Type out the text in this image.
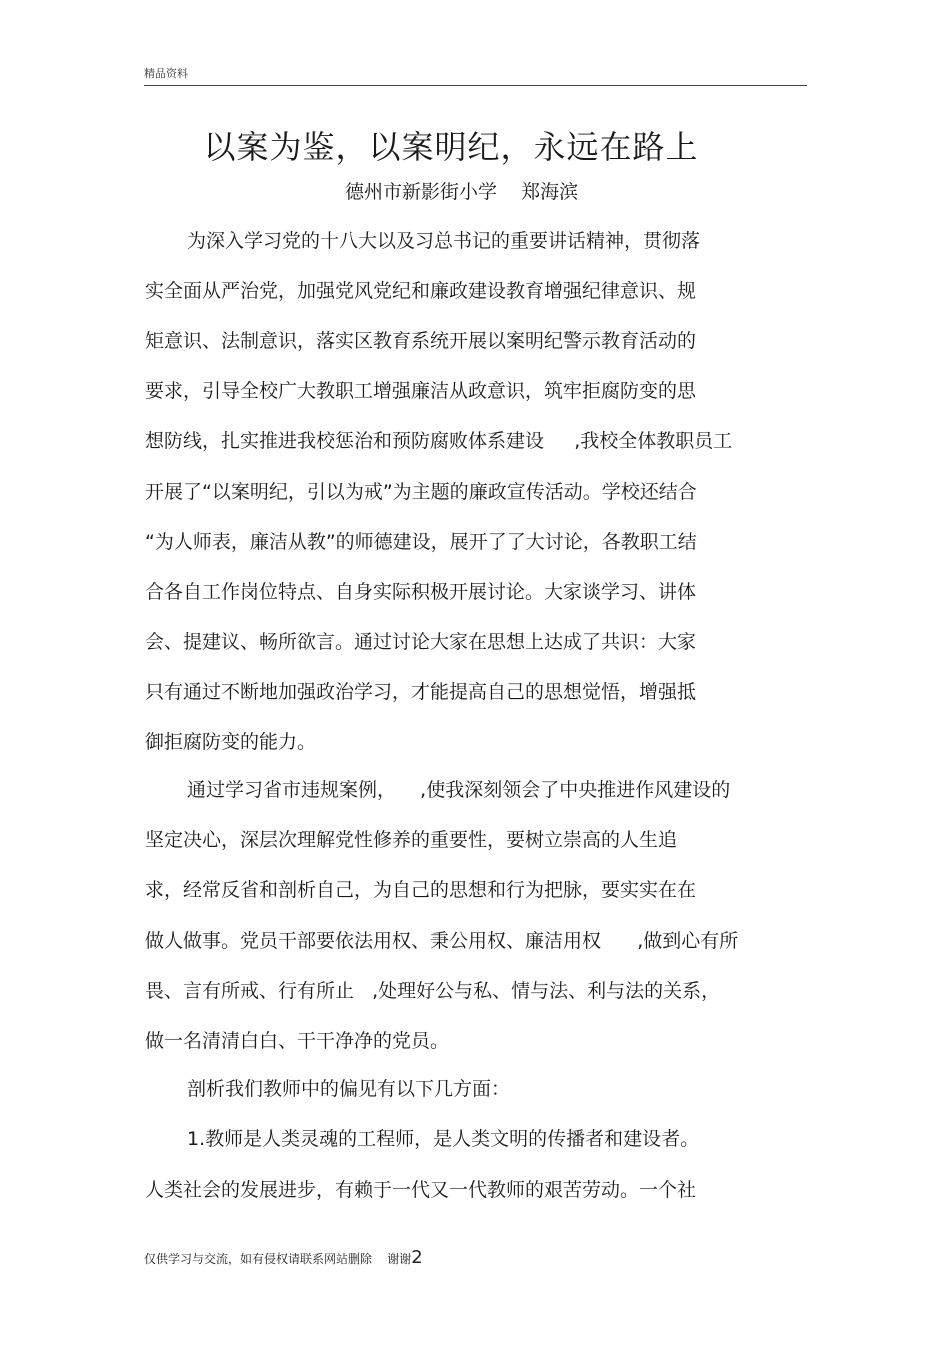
精品资料
以案为鉴，以案明纪，永远在路上
德州市新影街小学    郑海滨
为深入学习党的十八大以及习总书记的重要讲话精神，贯彻落
实全面从严治党，加强党风党纪和廉政建设教育增强纪律意识、规
矩意识、法制意识，落实区教育系统开展以案明纪警示教育活动的
要求，引导全校广大教职工增强廉洁从政意识，筑牢拒腐防变的思
想防线，扎实推进我校惩治和预防腐败体系建设     ,我校全体教职员工
开展了“以案明纪，引以为戒”为主题的廉政宣传活动。学校还结合
“为人师表，廉洁从教”的师德建设，展开了了大讨论，各教职工结
合各自工作岗位特点、自身实际积极开展讨论。大家谈学习、讲体
会、提建议、畅所欲言。通过讨论大家在思想上达成了共识：大家
只有通过不断地加强政治学习，才能提高自己的思想觉悟，增强抵
御拒腐防变的能力。
通过学习省市违规案例，    ,使我深刻领会了中央推进作风建设的
坚定决心，深层次理解党性修养的重要性，要树立崇高的人生追
求，经常反省和剖析自己，为自己的思想和行为把脉，要实实在在
做人做事。党员干部要依法用权、秉公用权、廉洁用权      ,做到心有所
畏、言有所戒、行有所止   ,处理好公与私、情与法、利与法的关系，
做一名清清白白、干干净净的党员。
剖析我们教师中的偏见有以下几方面：
1.教师是人类灵魂的工程师，是人类文明的传播者和建设者。
人类社会的发展进步，有赖于一代又一代教师的艰苦劳动。一个社
仅供学习与交流，如有侵权请联系网站删除    谢谢2
